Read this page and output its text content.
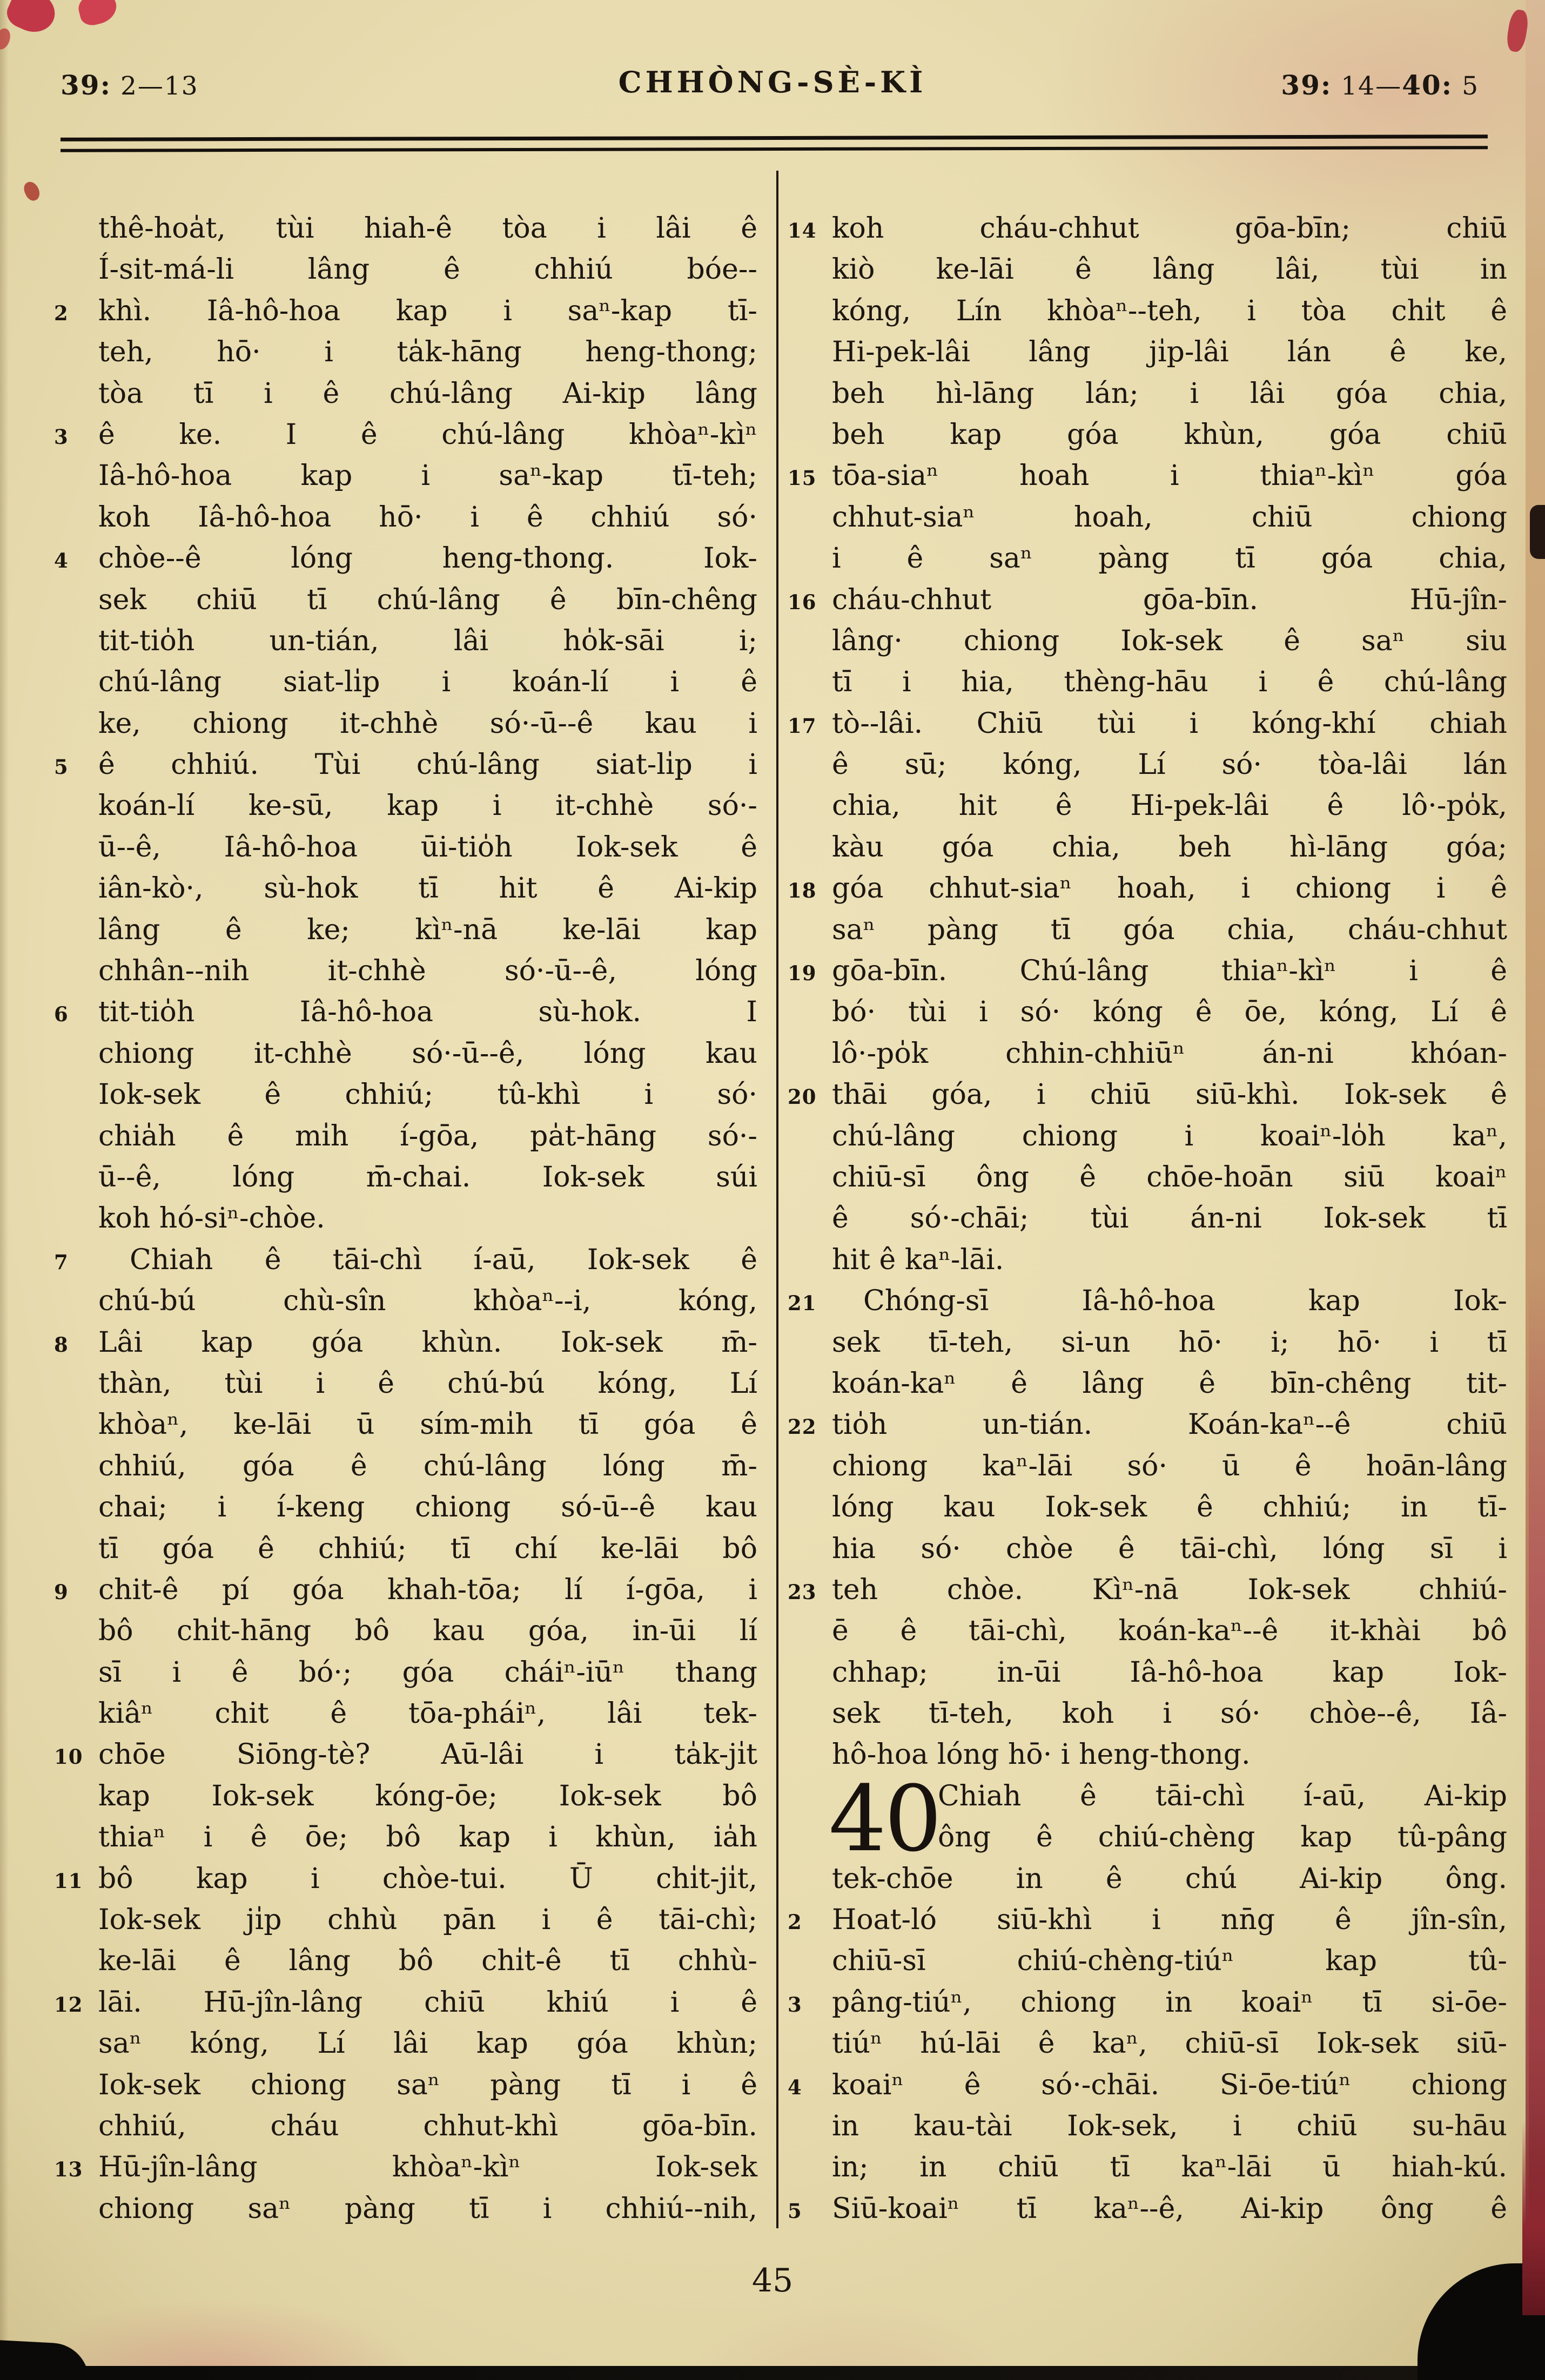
39: 2—13	CHHÒNG-SÈ-KÌ	39: 14—40: 5
thê-hoa̍t, tùi hiah-ê tòa i lâi ê
Í-sit-má-li lâng ê chhiú bóe--
2	khì. Iâ-hô-hoa kap i saⁿ-kap tī-
teh, hō· i ta̍k-hāng heng-thong;
tòa tī i ê chú-lâng Ai-kip lâng
3	ê ke. I ê chú-lâng khòaⁿ-kìⁿ
Iâ-hô-hoa kap i saⁿ-kap tī-teh;
koh Iâ-hô-hoa hō· i ê chhiú só·
4	chòe--ê lóng heng-thong. Iok-
sek chiū tī chú-lâng ê bīn-chêng
tit-tio̍h un-tián, lâi ho̍k-sāi i;
chú-lâng siat-li̍p i koán-lí i ê
ke, chiong it-chhè só·-ū--ê kau i
5	ê chhiú. Tùi chú-lâng siat-li̍p i
koán-lí ke-sū, kap i it-chhè só·-
ū--ê, Iâ-hô-hoa ūi-tio̍h Iok-sek ê
iân-kò·, sù-hok tī hit ê Ai-kip
lâng ê ke; kìⁿ-nā ke-lāi kap
chhân--nih it-chhè só·-ū--ê, lóng
6	tit-tio̍h Iâ-hô-hoa sù-hok. I
chiong it-chhè só·-ū--ê, lóng kau
Iok-sek ê chhiú; tû-khì i só·
chia̍h ê mi̍h í-gōa, pa̍t-hāng só·-
ū--ê, lóng m̄-chai. Iok-sek súi
koh hó-siⁿ-chòe.
7	Chiah ê tāi-chì í-aū, Iok-sek ê
chú-bú chù-sîn khòaⁿ--i, kóng,
8	Lâi kap góa khùn. Iok-sek m̄-
thàn, tùi i ê chú-bú kóng, Lí
khòaⁿ, ke-lāi ū sím-mi̍h tī góa ê
chhiú, góa ê chú-lâng lóng m̄-
chai; i í-keng chiong só-ū--ê kau
tī góa ê chhiú; tī chí ke-lāi bô
9	chit-ê pí góa khah-tōa; lí í-gōa, i
bô chi̍t-hāng bô kau góa, in-ūi lí
sī i ê bó·; góa cháiⁿ-iūⁿ thang
kiâⁿ chit ê tōa-pháiⁿ, lâi tek-
10 chōe Siōng-tè? Aū-lâi i ta̍k-ji̍t
kap Iok-sek kóng-ōe; Iok-sek bô
thiaⁿ i ê ōe; bô kap i khùn, ia̍h
11 bô kap i chòe-tui. Ū chi̍t-ji̍t,
Iok-sek ji̍p chhù pān i ê tāi-chì;
ke-lāi ê lâng bô chi̍t-ê tī chhù-
12 lāi. Hū-jîn-lâng chiū khiú i ê
saⁿ kóng, Lí lâi kap góa khùn;
Iok-sek chiong saⁿ pàng tī i ê
chhiú, cháu chhut-khì gōa-bīn.
13 Hū-jîn-lâng khòaⁿ-kìⁿ Iok-sek
chiong saⁿ pàng tī i chhiú--nih,
14 koh cháu-chhut gōa-bīn; chiū
kiò ke-lāi ê lâng lâi, tùi in
kóng, Lín khòaⁿ--teh, i tòa chi̍t ê
Hi-pek-lâi lâng ji̍p-lâi lán ê ke,
beh hì-lāng lán; i lâi góa chia,
beh kap góa khùn, góa chiū
15 tōa-siaⁿ hoah i thiaⁿ-kìⁿ góa
chhut-siaⁿ hoah, chiū chiong
i ê saⁿ pàng tī góa chia,
16 cháu-chhut gōa-bīn. Hū-jîn-
lâng· chiong Iok-sek ê saⁿ siu
tī i hia, thèng-hāu i ê chú-lâng
17 tò--lâi. Chiū tùi i kóng-khí chiah
ê sū; kóng, Lí só· tòa-lâi lán
chia, hit ê Hi-pek-lâi ê lô·-po̍k,
kàu góa chia, beh hì-lāng góa;
18 góa chhut-siaⁿ hoah, i chiong i ê
saⁿ pàng tī góa chia, cháu-chhut
19 gōa-bīn. Chú-lâng thiaⁿ-kìⁿ i ê
bó· tùi i só· kóng ê ōe, kóng, Lí ê
lô·-po̍k chhin-chhiūⁿ án-ni khóan-
20 thāi góa, i chiū siū-khì. Iok-sek ê
chú-lâng chiong i koaiⁿ-lo̍h kaⁿ,
chiū-sī ông ê chōe-hoān siū koaiⁿ
ê só·-chāi; tùi án-ni Iok-sek tī
hit ê kaⁿ-lāi.
21	Chóng-sī Iâ-hô-hoa kap Iok-
sek tī-teh, si-un hō· i; hō· i tī
koán-kaⁿ ê lâng ê bīn-chêng tit-
22 tio̍h un-tián. Koán-kaⁿ--ê chiū
chiong kaⁿ-lāi só· ū ê hoān-lâng
lóng kau Iok-sek ê chhiú; in tī-
hia só· chòe ê tāi-chì, lóng sī i
23 teh chòe. Kìⁿ-nā Iok-sek chhiú-
ē ê tāi-chì, koán-kaⁿ--ê it-khài bô
chhap; in-ūi Iâ-hô-hoa kap Iok-
sek tī-teh, koh i só· chòe--ê, Iâ-
hô-hoa lóng hō· i heng-thong.
40
Chiah ê tāi-chì í-aū, Ai-kip
ông ê chiú-chèng kap tû-pâng
tek-chōe in ê chú Ai-kip ông.
2	Hoat-ló siū-khì i nn̄g ê jîn-sîn,
chiū-sī chiú-chèng-tiúⁿ kap tû-
3	pâng-tiúⁿ, chiong in koaiⁿ tī si-ōe-
tiúⁿ hú-lāi ê kaⁿ, chiū-sī Iok-sek siū-
4	koaiⁿ ê só·-chāi. Si-ōe-tiúⁿ chiong
in kau-tài Iok-sek, i chiū su-hāu
in; in chiū tī kaⁿ-lāi ū hiah-kú.
5	Siū-koaiⁿ tī kaⁿ--ê, Ai-kip ông ê
45
